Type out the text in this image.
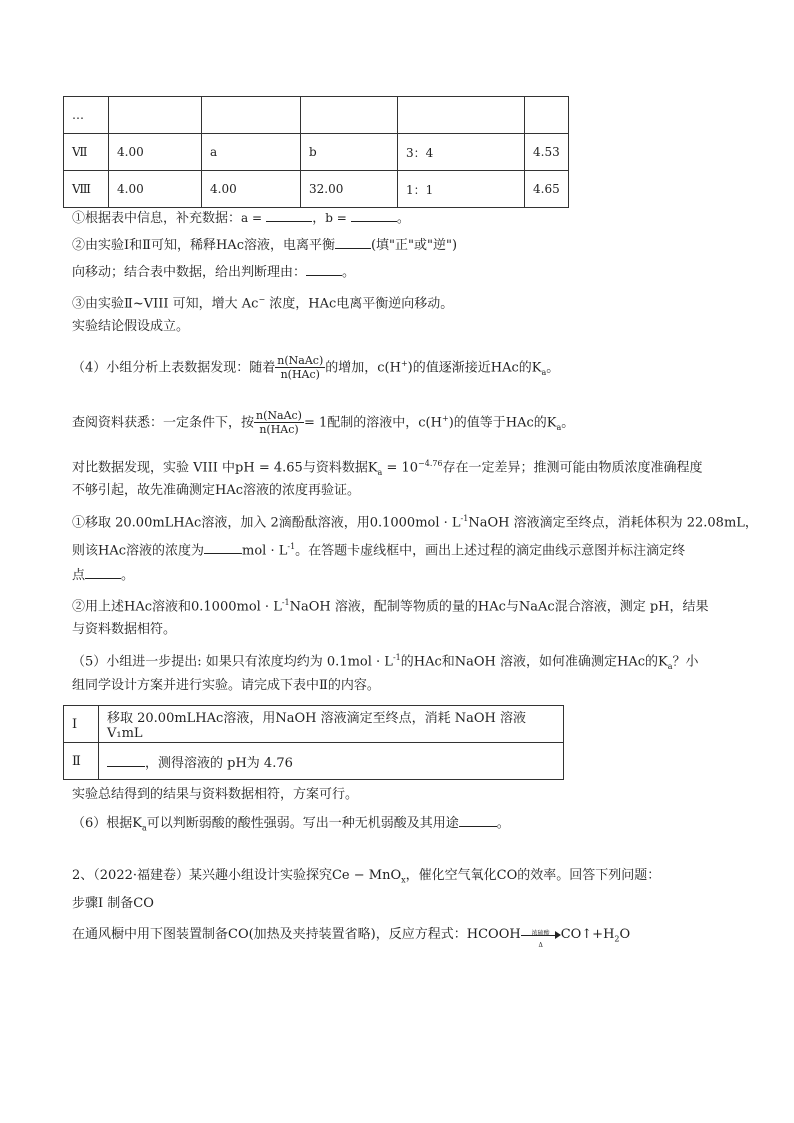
…					
Ⅶ	4.00	a	b	3：4	4.53
Ⅷ	4.00	4.00	32.00	1：1	4.65
①根据表中信息，补充数据：a =	，b =	。
②由实验Ⅰ和Ⅱ可知，稀释HAc溶液，电离平衡	(填"正"或"逆")
向移动；结合表中数据，给出判断理由：	。
③由实验Ⅱ~VIII 可知，增大 Ac− 浓度，HAc电离平衡逆向移动。
实验结论假设成立。
（4）小组分析上表数据发现：随着 $\frac{\text{n(NaAc)}}{\text{n(HAc)}}$ 的增加，c(H+)的值逐渐接近HAc的$K_a$。
查阅资料获悉：一定条件下，按 $\frac{\text{n(NaAc)}}{\text{n(HAc)}} = 1$配制的溶液中，c(H+)的值等于HAc的$K_a$。
对比数据发现，实验 VIII 中pH = 4.65与资料数据$K_a = 10^{-4.76}$存在一定差异；推测可能由物质浓度准确程度
不够引起，故先准确测定HAc溶液的浓度再验证。
①移取 20.00mLHAc溶液，加入 2滴酚酞溶液，用$0.1000mol \cdot L^{-1}NaOH$ 溶液滴定至终点，消耗体积为 22.08mL，
则该HAc溶液的浓度为	mol · $L^{-1}$。在答题卡虚线框中，画出上述过程的滴定曲线示意图并标注滴定终
点	。
②用上述HAc溶液和$0.1000mol \cdot L^{-1}NaOH$ 溶液，配制等物质的量的HAc与NaAc混合溶液，测定 pH，结果
与资料数据相符。
（5）小组进一步提出: 如果只有浓度均约为 $0.1mol \cdot L^{-1}$的HAc和NaOH 溶液，如何准确测定HAc的$K_a$？小
组同学设计方案并进行实验。请完成下表中Ⅱ的内容。
Ⅰ	移取 20.00mLHAc溶液，用NaOH 溶液滴定至终点，消耗 NaOH 溶液V₁mL
Ⅱ	，测得溶液的 pH为 4.76
实验总结得到的结果与资料数据相符，方案可行。
（6）根据$K_a$可以判断弱酸的酸性强弱。写出一种无机弱酸及其用途	。
2、（2022·福建卷）某兴趣小组设计实验探究Ce − MnO$_x$，催化空气氧化CO的效率。回答下列问题：
步骤Ⅰ 制备CO
在通风橱中用下图装置制备CO(加热及夹持装置省略)，反应方程式：HCOOH	浓硫酸
Δ
$CO↑+H_2O$
